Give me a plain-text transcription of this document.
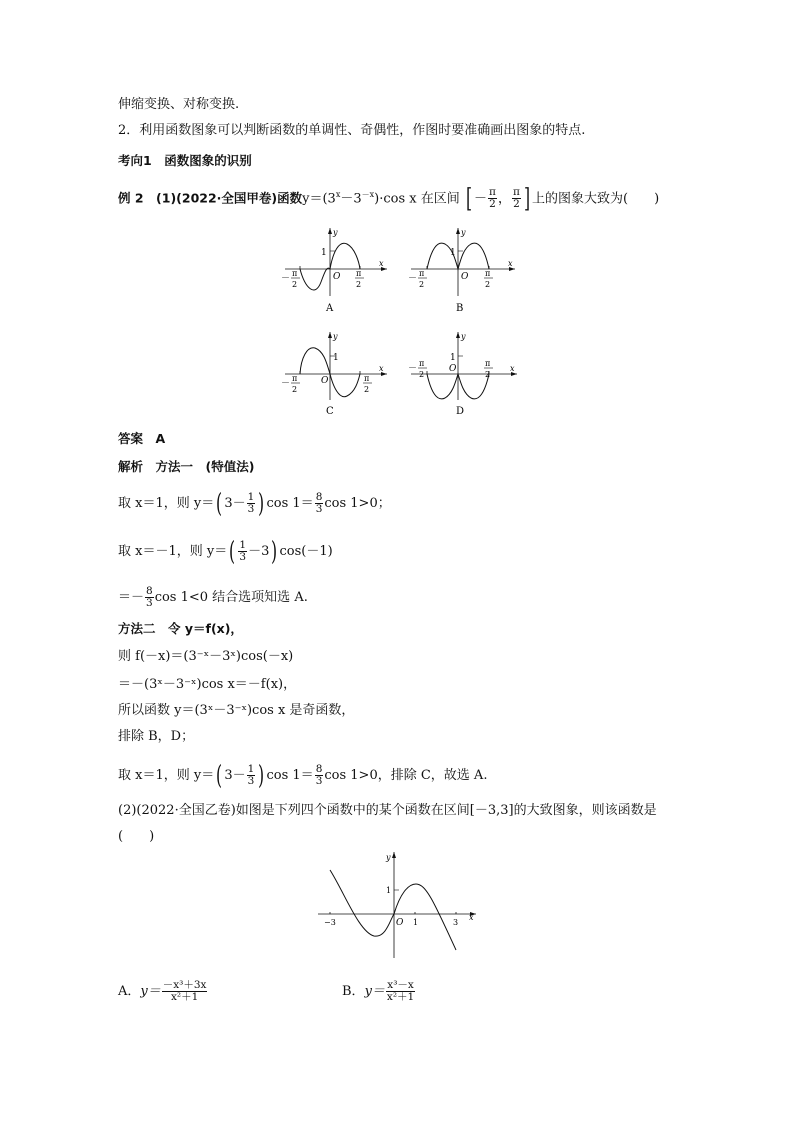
伸缩变换、对称变换.
2．利用函数图象可以判断函数的单调性、奇偶性，作图时要准确画出图象的特点.
考向1　函数图象的识别
例 2　(1)(2022·全国甲卷)函数$y=(3^x-3^{-x})\cdot\cos$ x 在区间 [ － $\frac{\pi}{2}$ ， $\frac{\pi}{2}$ ] 上的图象大致为(　　)
y
x
O
1
－
π
2
π
2
A
y
x
O
1
－
π
2
π
2
B
y
x
O
1
－
π
2
π
2
C
y
x
O
1
－
π
2
π
2
D
答案　A
解析　方法一　(特值法)
取 x＝1，则 y＝( $3- \frac{1}{3}$ ) $\cos 1= \frac{8}{3}$ cos 1>0；
取 x＝－1，则 $y=( \frac{1}{3} -3)$ cos(－1)
＝－ $\frac{8}{3}$ cos 1<0 结合选项知选 A.
方法二　令 y＝f(x)，
则 f(－x)＝(3⁻ˣ－3ˣ)cos(－x)
＝－(3ˣ－3⁻ˣ)cos x＝－f(x)，
所以函数 y＝(3ˣ－3⁻ˣ)cos x 是奇函数，
排除 B，D；
取 x＝1，则 y＝( $3- \frac{1}{3}$ ) $\cos 1= \frac{8}{3}$ cos 1>0，排除 C，故选 A.
(2)(2022·全国乙卷)如图是下列四个函数中的某个函数在区间[－3,3]的大致图象，则该函数是
(　　)
y
x
O
−3	1	3
1
A．$y= \frac{\text{－x³＋3x}}{\text{x²＋1}}$	B．$y= \frac{\text{x³－x}}{\text{x²＋1}}$
